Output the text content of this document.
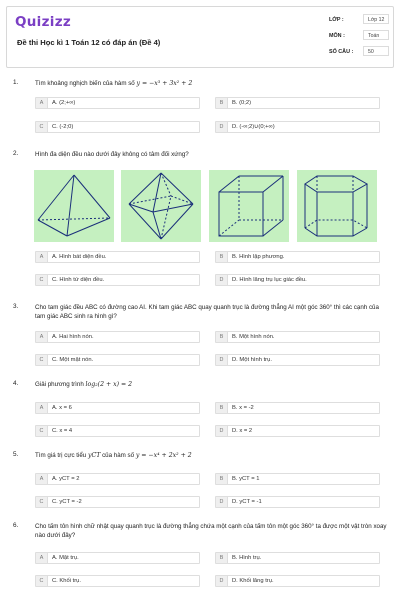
Quizizz
Đề thi Học kì 1 Toán 12 có đáp án (Đề 4)
LỚP :	Lớp 12
MÔN :	Toán
SỐ CÂU :	50
1.	Tìm khoảng nghịch biến của hàm số y = −x³ + 3x² + 2
A	A. (2;+∞)	B	B. (0;2)
C	C. (-2;0)	D	D. (-∞;2)∪(0;+∞)
2.	Hình đa diện đều nào dưới đây không có tâm đối xứng?
A	A. Hình bát diện đều.	B	B. Hình lập phương.
C	C. Hình tứ diện đều.	D	D. Hình lăng trụ lục giác đều.
3.	Cho tam giác đều ABC có đường cao AI. Khi tam giác ABC quay quanh trục là đường thẳng AI một góc 360° thì các cạnh của tam giác ABC sinh ra hình gì?
A	A. Hai hình nón.	B	B. Một hình nón.
C	C. Một mặt nón.	D	D. Một hình trụ.
4.	Giải phương trình log₂(2 + x) = 2
A	A. x = 6	B	B. x = -2
C	C. x = 4	D	D. x = 2
5.	Tìm giá trị cực tiểu yCT của hàm số y = −x⁴ + 2x² + 2
A	A. yCT = 2	B	B. yCT = 1
C	C. yCT = -2	D	D. yCT = -1
6.	Cho tấm tôn hình chữ nhật quay quanh trục là đường thẳng chứa một cạnh của tấm tôn một góc 360° ta được một vật tròn xoay nào dưới đây?
A	A. Mặt trụ.	B	B. Hình trụ.
C	C. Khối trụ.	D	D. Khối lăng trụ.
